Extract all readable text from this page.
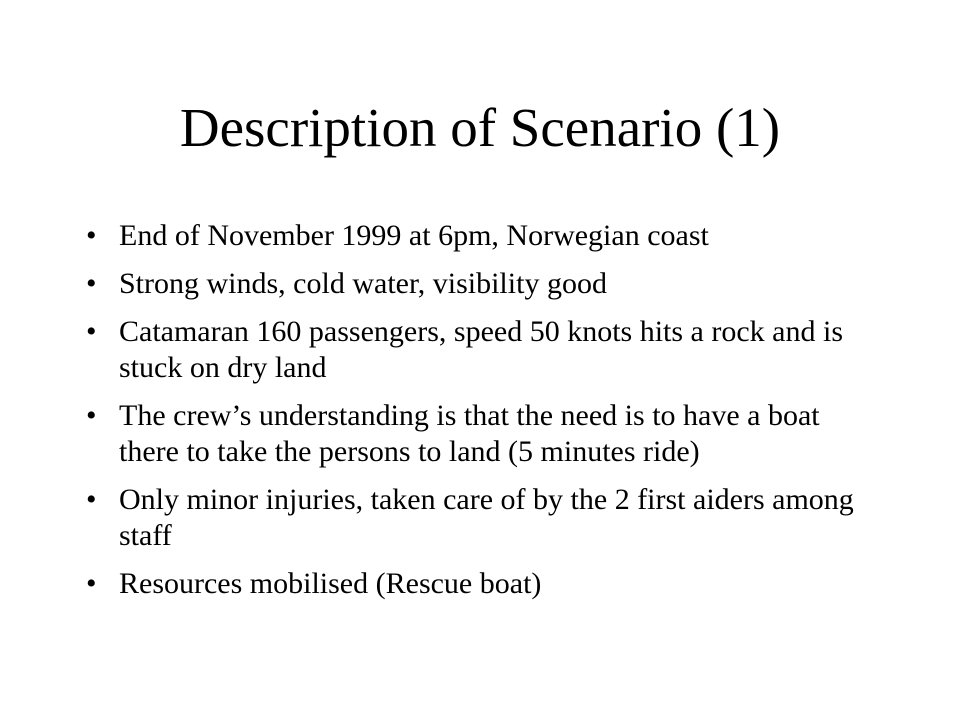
Description of Scenario (1)
• End of November 1999 at 6pm, Norwegian coast
• Strong winds, cold water, visibility good
• Catamaran 160 passengers, speed 50 knots hits a rock and is stuck on dry land
• The crew’s understanding is that the need is to have a boat there to take the persons to land (5 minutes ride)
• Only minor injuries, taken care of by the 2 first aiders among staff
• Resources mobilised (Rescue boat)
